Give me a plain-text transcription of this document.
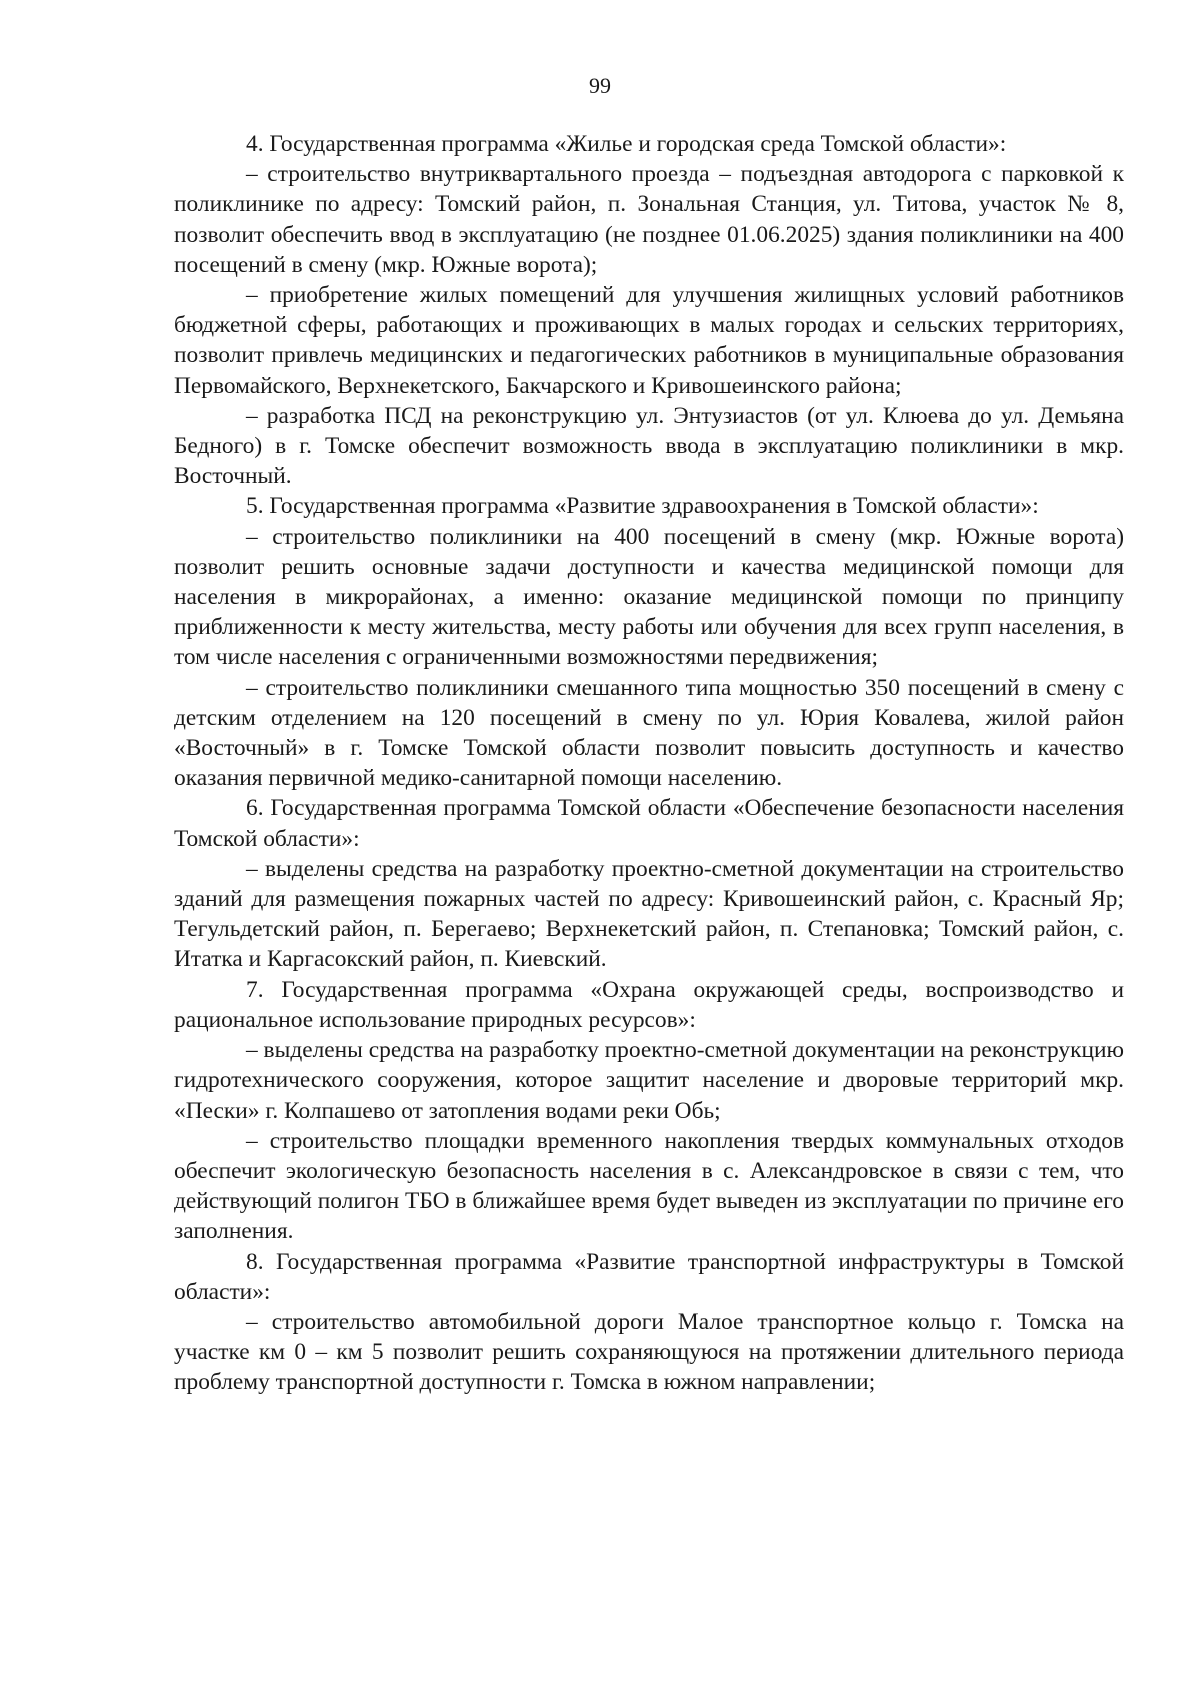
99

4. Государственная программа «Жилье и городская среда Томской области»:

– строительство внутриквартального проезда – подъездная автодорога с парковкой к поликлинике по адресу: Томский район, п. Зональная Станция, ул. Титова, участок № 8, позволит обеспечить ввод в эксплуатацию (не позднее 01.06.2025) здания поликлиники на 400 посещений в смену (мкр. Южные ворота);

– приобретение жилых помещений для улучшения жилищных условий работников бюджетной сферы, работающих и проживающих в малых городах и сельских территориях, позволит привлечь медицинских и педагогических работников в муниципальные образования Первомайского, Верхнекетского, Бакчарского и Кривошеинского района;

– разработка ПСД на реконструкцию ул. Энтузиастов (от ул. Клюева до ул. Демьяна Бедного) в г. Томске обеспечит возможность ввода в эксплуатацию поликлиники в мкр. Восточный.

5. Государственная программа «Развитие здравоохранения в Томской области»:

– строительство поликлиники на 400 посещений в смену (мкр. Южные ворота) позволит решить основные задачи доступности и качества медицинской помощи для населения в микрорайонах, а именно: оказание медицинской помощи по принципу приближенности к месту жительства, месту работы или обучения для всех групп населения, в том числе населения с ограниченными возможностями передвижения;

– строительство поликлиники смешанного типа мощностью 350 посещений в смену с детским отделением на 120 посещений в смену по ул. Юрия Ковалева, жилой район «Восточный» в г. Томске Томской области позволит повысить доступность и качество оказания первичной медико-санитарной помощи населению.

6. Государственная программа Томской области «Обеспечение безопасности населения Томской области»:

– выделены средства на разработку проектно-сметной документации на строительство зданий для размещения пожарных частей по адресу: Кривошеинский район, с. Красный Яр; Тегульдетский район, п. Берегаево; Верхнекетский район, п. Степановка; Томский район, с. Итатка и Каргасокский район, п. Киевский.

7. Государственная программа «Охрана окружающей среды, воспроизводство и рациональное использование природных ресурсов»:

– выделены средства на разработку проектно-сметной документации на реконструкцию гидротехнического сооружения, которое защитит население и дворовые территорий мкр. «Пески» г. Колпашево от затопления водами реки Обь;

– строительство площадки временного накопления твердых коммунальных отходов обеспечит экологическую безопасность населения в с. Александровское в связи с тем, что действующий полигон ТБО в ближайшее время будет выведен из эксплуатации по причине его заполнения.

8. Государственная программа «Развитие транспортной инфраструктуры в Томской области»:

– строительство автомобильной дороги Малое транспортное кольцо г. Томска на участке км 0 – км 5 позволит решить сохраняющуюся на протяжении длительного периода проблему транспортной доступности г. Томска в южном направлении;
